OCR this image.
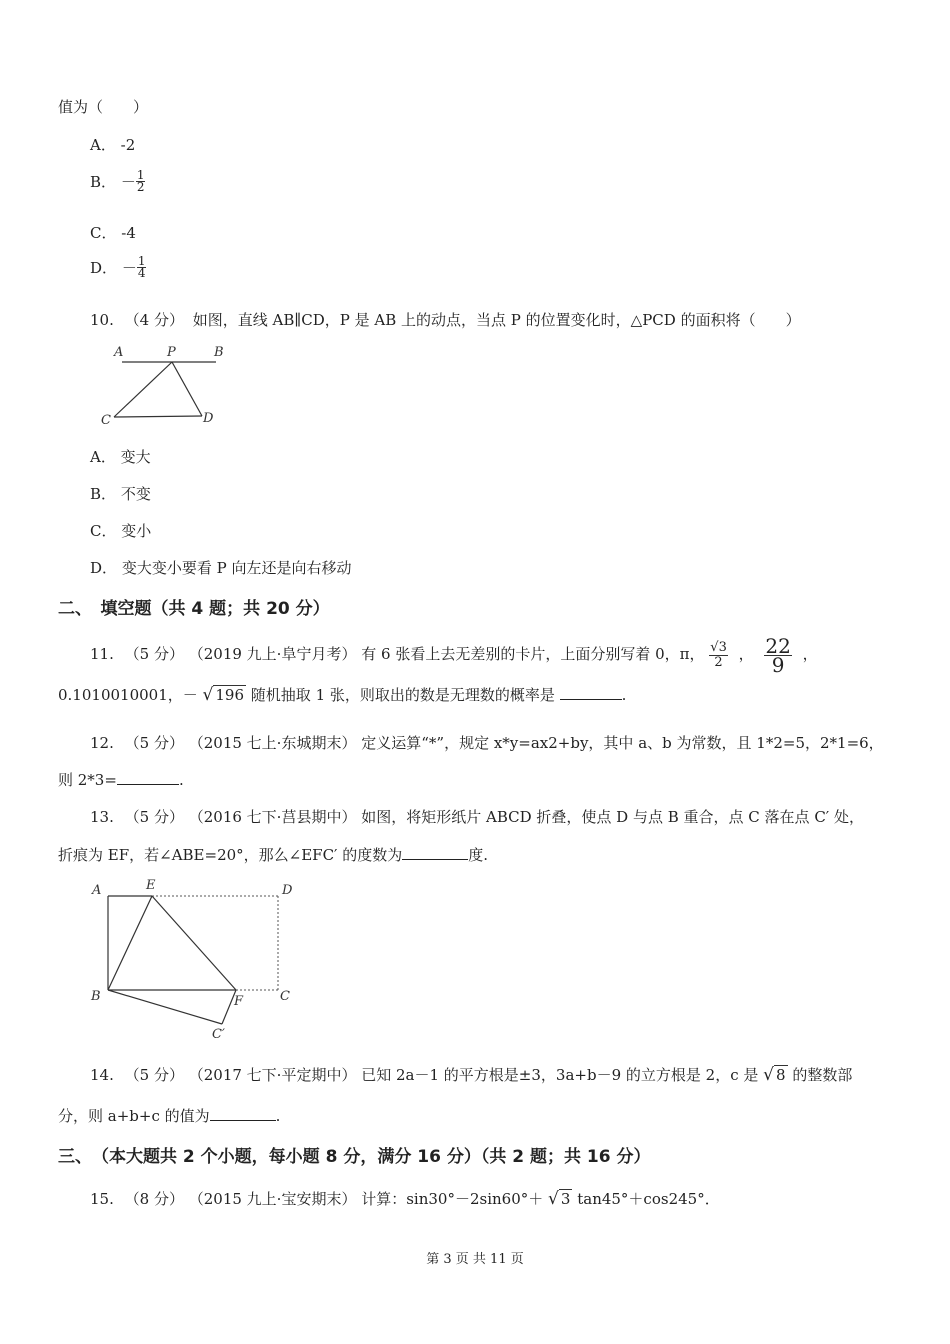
值为（　　）
A． -2
B． － $\frac{1}{2}$
C． -4
D． － $\frac{1}{4}$
10. （4 分） 如图，直线 AB∥CD，P 是 AB 上的动点，当点 P 的位置变化时，△PCD 的面积将（　　）
A	P	B
C	D
A． 变大
B． 不变
C． 变小
D． 变大变小要看 P 向左还是向右移动
二、　填空题（共 4 题；共 20 分）
11. （5 分） （2019 九上·阜宁月考） 有 6 张看上去无差别的卡片，上面分别写着 0，π， $\frac{√3}{2}$ ， $\frac{22}{9}$ ，
0.1010010001，－ √ 196 随机抽取 1 张，则取出的数是无理数的概率是	.
12. （5 分） （2015 七上·东城期末） 定义运算“*”，规定 x*y=ax2+by，其中 a、b 为常数，且 1*2=5，2*1=6，
则 2*3=	.
13. （5 分） （2016 七下·莒县期中） 如图，将矩形纸片 ABCD 折叠，使点 D 与点 B 重合，点 C 落在点 C′ 处，
折痕为 EF，若∠ABE=20°，那么∠EFC′ 的度数为	度.
A	E	D
B	F	C
C′
14. （5 分） （2017 七下·平定期中） 已知 2a－1 的平方根是±3，3a+b－9 的立方根是 2，c 是 √ 8 的整数部
分，则 a+b+c 的值为	.
三、　（本大题共 2 个小题，每小题 8 分，满分 16 分）（共 2 题；共 16 分）
15. （8 分） （2015 九上·宝安期末） 计算：sin30°－2sin60°＋ √ 3 tan45°＋cos245°．
第 3 页 共 11 页
